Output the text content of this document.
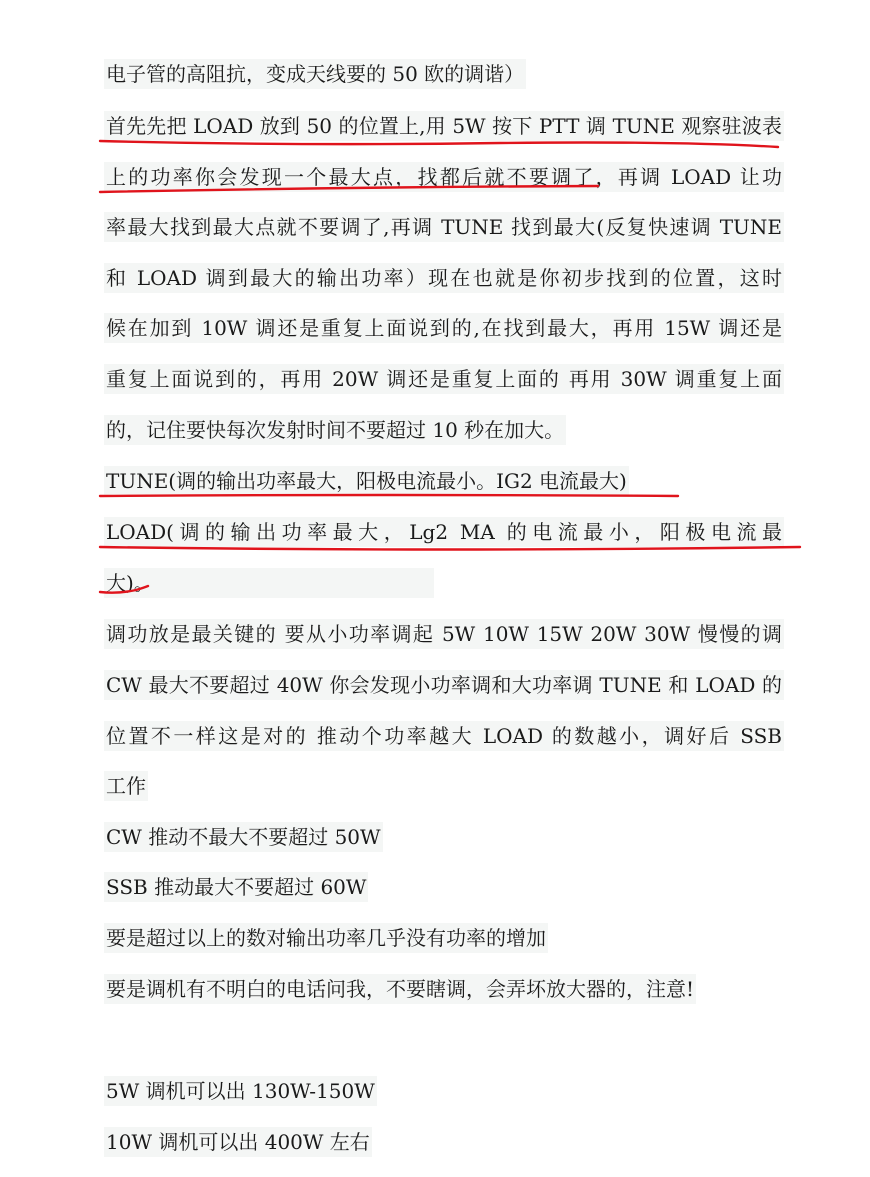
电子管的高阻抗，变成天线要的 50 欧的调谐）
首先先把 LOAD 放到 50 的位置上,用 5W 按下 PTT 调 TUNE 观察驻波表
上的功率你会发现一个最大点，找都后就不要调了，再调 LOAD 让功
率最大找到最大点就不要调了,再调 TUNE 找到最大(反复快速调 TUNE
和 LOAD 调到最大的输出功率）现在也就是你初步找到的位置，这时
候在加到 10W 调还是重复上面说到的,在找到最大，再用 15W 调还是
重复上面说到的，再用 20W 调还是重复上面的 再用 30W 调重复上面
的，记住要快每次发射时间不要超过 10 秒在加大。
TUNE(调的输出功率最大，阳极电流最小。IG2 电流最大)
LOAD(调的输出功率最大，Lg2 MA 的电流最小，阳极电流最
大)。
调功放是最关键的 要从小功率调起 5W 10W 15W 20W 30W 慢慢的调
CW 最大不要超过 40W 你会发现小功率调和大功率调 TUNE 和 LOAD 的
位置不一样这是对的 推动个功率越大 LOAD 的数越小，调好后 SSB
工作
CW 推动不最大不要超过 50W
SSB 推动最大不要超过 60W
要是超过以上的数对输出功率几乎没有功率的增加
要是调机有不明白的电话问我，不要瞎调，会弄坏放大器的，注意!
5W 调机可以出 130W-150W
10W 调机可以出 400W 左右
